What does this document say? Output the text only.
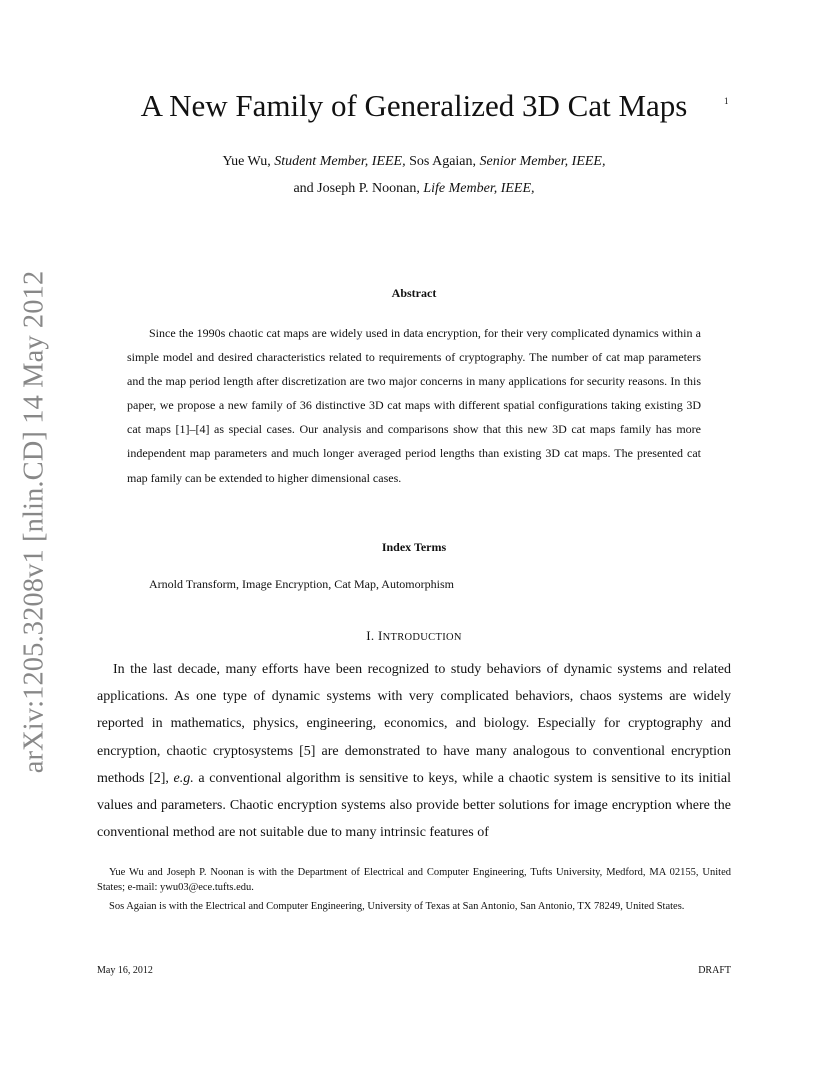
arXiv:1205.3208v1 [nlin.CD] 14 May 2012
1
A New Family of Generalized 3D Cat Maps
Yue Wu, Student Member, IEEE, Sos Agaian, Senior Member, IEEE,
and Joseph P. Noonan, Life Member, IEEE,
Abstract

Since the 1990s chaotic cat maps are widely used in data encryption, for their very complicated dynamics within a simple model and desired characteristics related to requirements of cryptography. The number of cat map parameters and the map period length after discretization are two major concerns in many applications for security reasons. In this paper, we propose a new family of 36 distinctive 3D cat maps with different spatial configurations taking existing 3D cat maps [1]–[4] as special cases. Our analysis and comparisons show that this new 3D cat maps family has more independent map parameters and much longer averaged period lengths than existing 3D cat maps. The presented cat map family can be extended to higher dimensional cases.

Index Terms

Arnold Transform, Image Encryption, Cat Map, Automorphism

I. INTRODUCTION

In the last decade, many efforts have been recognized to study behaviors of dynamic systems and related applications. As one type of dynamic systems with very complicated behaviors, chaos systems are widely reported in mathematics, physics, engineering, economics, and biology. Especially for cryptography and encryption, chaotic cryptosystems [5] are demonstrated to have many analogous to conventional encryption methods [2], e.g. a conventional algorithm is sensitive to keys, while a chaotic system is sensitive to its initial values and parameters. Chaotic encryption systems also provide better solutions for image encryption where the conventional method are not suitable due to many intrinsic features of

Yue Wu and Joseph P. Noonan is with the Department of Electrical and Computer Engineering, Tufts University, Medford, MA 02155, United States; e-mail: ywu03@ece.tufts.edu.

Sos Agaian is with the Electrical and Computer Engineering, University of Texas at San Antonio, San Antonio, TX 78249, United States.

May 16, 2012	DRAFT
